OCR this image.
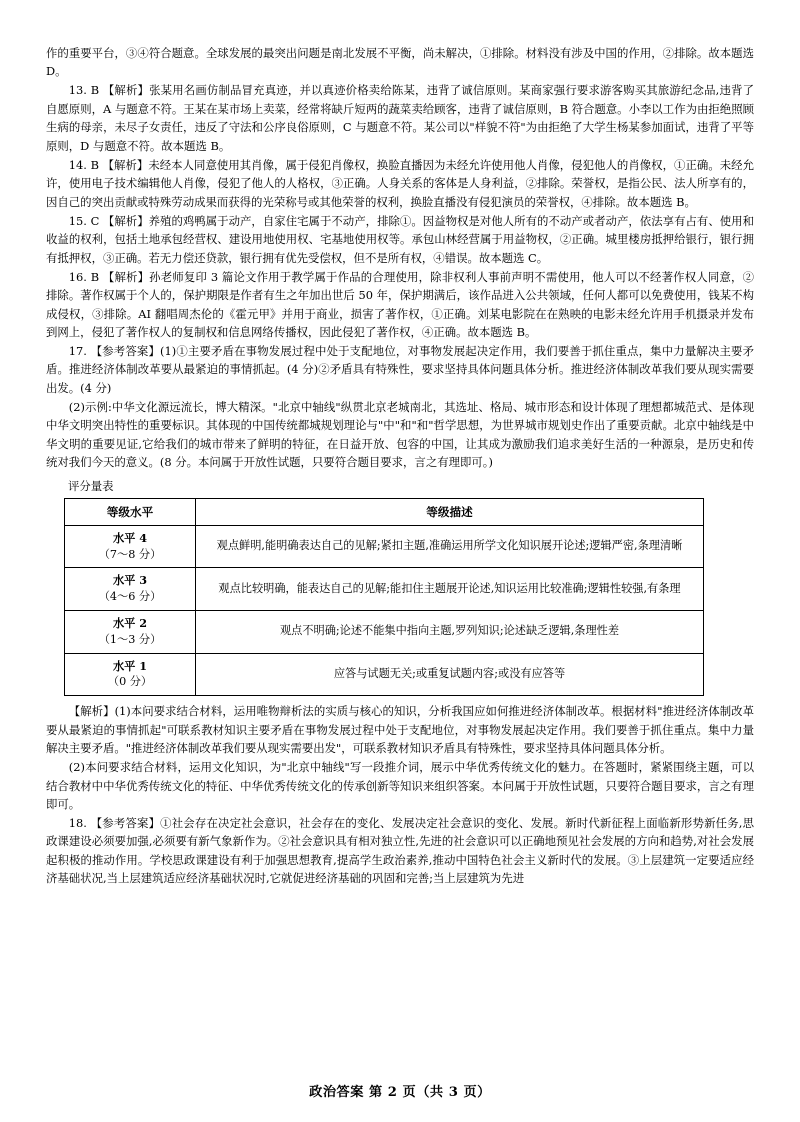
作的重要平台，③④符合题意。全球发展的最突出问题是南北发展不平衡，尚未解决，①排除。材料没有涉及中国的作用，②排除。故本题选 D。

13. B 【解析】张某用名画仿制品冒充真迹，并以真迹价格卖给陈某，违背了诚信原则。某商家强行要求游客购买其旅游纪念品,违背了自愿原则，A 与题意不符。王某在某市场上卖菜，经常将缺斤短两的蔬菜卖给顾客，违背了诚信原则，B 符合题意。小李以工作为由拒绝照顾生病的母亲，未尽子女责任，违反了守法和公序良俗原则，C 与题意不符。某公司以"样貌不符"为由拒绝了大学生杨某参加面试，违背了平等原则，D 与题意不符。故本题选 B。

14. B 【解析】未经本人同意使用其肖像，属于侵犯肖像权，换脸直播因为未经允许使用他人肖像，侵犯他人的肖像权，①正确。未经允许，使用电子技术编辑他人肖像，侵犯了他人的人格权，③正确。人身关系的客体是人身利益，②排除。荣誉权，是指公民、法人所享有的，因自己的突出贡献或特殊劳动成果而获得的光荣称号或其他荣誉的权利，换脸直播没有侵犯演员的荣誉权，④排除。故本题选 B。

15. C 【解析】养殖的鸡鸭属于动产，自家住宅属于不动产，排除①。因益物权是对他人所有的不动产或者动产，依法享有占有、使用和收益的权利，包括土地承包经营权、建设用地使用权、宅基地使用权等。承包山林经营属于用益物权，②正确。城里楼房抵押给银行，银行拥有抵押权，③正确。若无力偿还贷款，银行拥有优先受偿权，但不是所有权，④错误。故本题选 C。

16. B 【解析】孙老师复印 3 篇论文作用于教学属于作品的合理使用，除非权利人事前声明不需使用，他人可以不经著作权人同意，②排除。著作权属于个人的，保护期限是作者有生之年加出世后 50 年，保护期满后，该作品进入公共领域，任何人都可以免费使用，钱某不构成侵权，③排除。AI 翻唱周杰伦的《霍元甲》并用于商业，损害了著作权，①正确。刘某电影院在在熟映的电影未经允许用手机摄录并发布到网上，侵犯了著作权人的复制权和信息网络传播权，因此侵犯了著作权，④正确。故本题选 B。

17. 【参考答案】(1)①主要矛盾在事物发展过程中处于支配地位，对事物发展起决定作用，我们要善于抓住重点，集中力量解决主要矛盾。推进经济体制改革要从最紧迫的事情抓起。(4 分)②矛盾具有特殊性，要求坚持具体问题具体分析。推进经济体制改革我们要从现实需要出发。(4 分)

(2)示例:中华文化源远流长，博大精深。"北京中轴线"纵贯北京老城南北，其选址、格局、城市形态和设计体现了理想都城范式、是体现中华文明突出特性的重要标识。其体现的中国传统都城规划理论与"中"和"和"哲学思想，为世界城市规划史作出了重要贡献。北京中轴线是中华文明的重要见证,它给我们的城市带来了鲜明的特征，在日益开放、包容的中国，让其成为激励我们追求美好生活的一种源泉，是历史和传统对我们今天的意义。(8 分。本问属于开放性试题，只要符合题目要求，言之有理即可。)

评分量表
等级水平	等级描述

水平 4
（7～8 分）	观点鲜明,能明确表达自己的见解;紧扣主题,准确运用所学文化知识展开论述;逻辑严密,条理清晰

水平 3
（4～6 分）	观点比较明确，能表达自己的见解;能扣住主题展开论述,知识运用比较准确;逻辑性较强,有条理

水平 2
（1～3 分）	观点不明确;论述不能集中指向主题,罗列知识;论述缺乏逻辑,条理性差

水平 1
（0 分）	应答与试题无关;或重复试题内容;或没有应答等

【解析】(1)本问要求结合材料，运用唯物辩析法的实质与核心的知识，分析我国应如何推进经济体制改革。根据材料"推进经济体制改革要从最紧迫的事情抓起"可联系教材知识主要矛盾在事物发展过程中处于支配地位，对事物发展起决定作用。我们要善于抓住重点。集中力量解决主要矛盾。"推进经济体制改革我们要从现实需要出发"，可联系教材知识矛盾具有特殊性，要求坚持具体问题具体分析。

(2)本问要求结合材料，运用文化知识，为"北京中轴线"写一段推介词，展示中华优秀传统文化的魅力。在答题时，紧紧围绕主题，可以结合教材中中华优秀传统文化的特征、中华优秀传统文化的传承创新等知识来组织答案。本问属于开放性试题，只要符合题目要求，言之有理即可。

18. 【参考答案】①社会存在决定社会意识，社会存在的变化、发展决定社会意识的变化、发展。新时代新征程上面临新形势新任务,思政课建设必须要加强,必须要有新气象新作为。②社会意识具有相对独立性,先进的社会意识可以正确地预见社会发展的方向和趋势,对社会发展起积极的推动作用。学校思政课建设有利于加强思想教育,提高学生政治素养,推动中国特色社会主义新时代的发展。③上层建筑一定要适应经济基础状况,当上层建筑适应经济基础状况时,它就促进经济基础的巩固和完善;当上层建筑为先进

政治答案 第 2 页（共 3 页）
